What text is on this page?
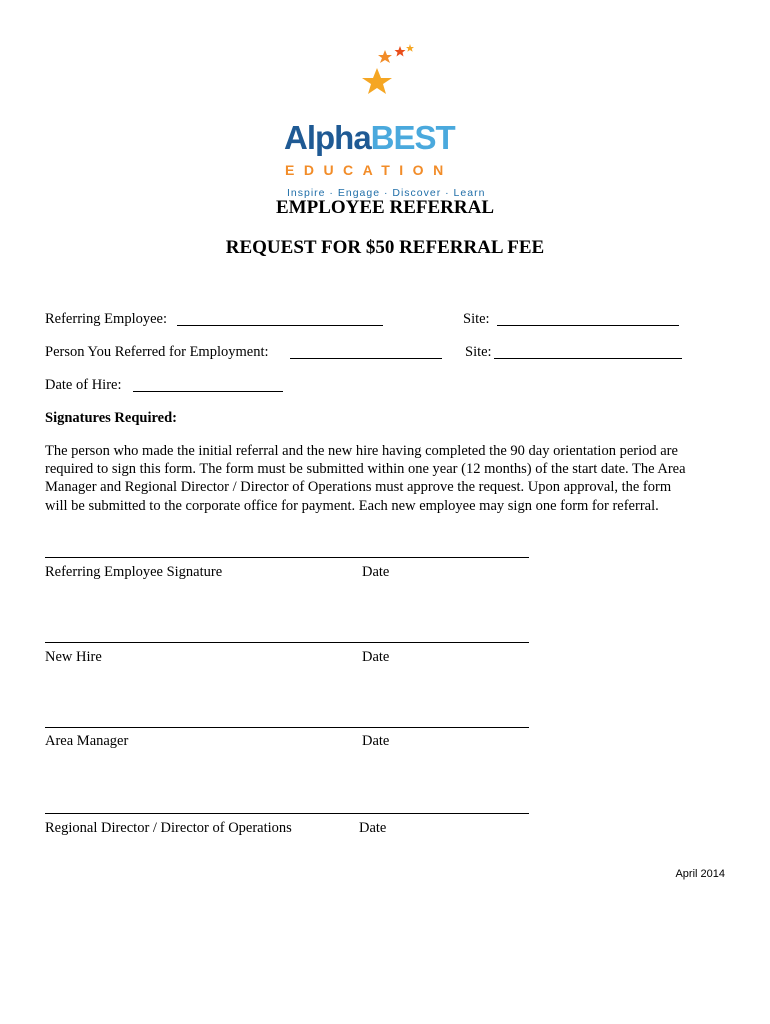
AlphaBEST
EDUCATION
Inspire · Engage · Discover · Learn
EMPLOYEE REFERRAL
REQUEST FOR $50 REFERRAL FEE
Referring Employee:	Site:
Person You Referred for Employment:	Site:
Date of Hire:
Signatures Required:
The person who made the initial referral and the new hire having completed the 90 day orientation period are
required to sign this form. The form must be submitted within one year (12 months) of the start date. The Area
Manager and Regional Director / Director of Operations must approve the request. Upon approval, the form
will be submitted to the corporate office for payment. Each new employee may sign one form for referral.
Referring Employee Signature	Date
New Hire	Date
Area Manager	Date
Regional Director / Director of Operations	Date
April 2014
